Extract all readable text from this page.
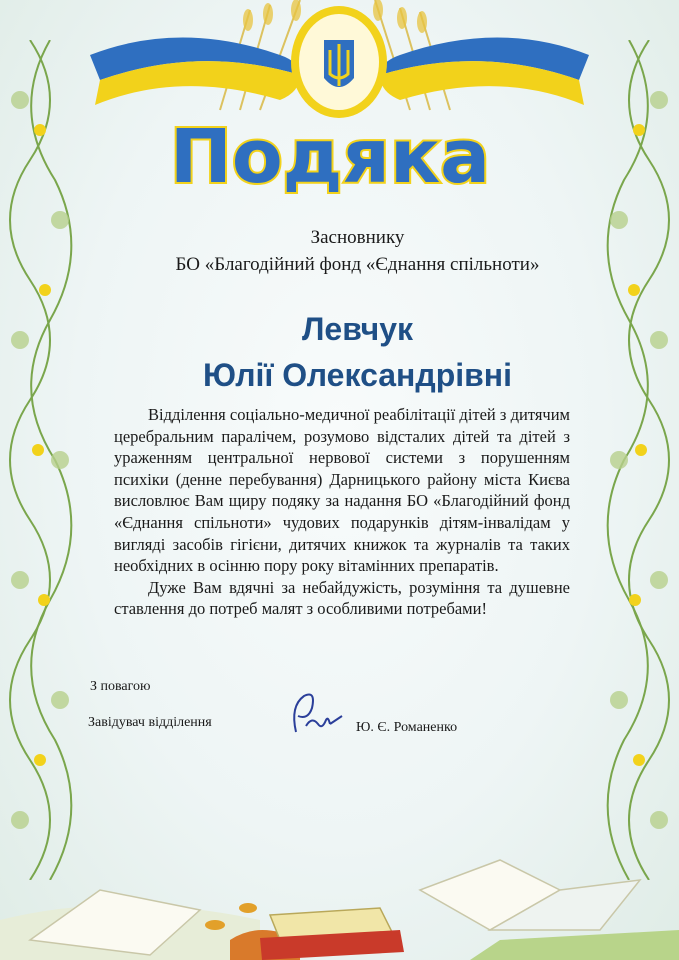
Подяка
Засновнику
БО «Благодійний фонд «Єднання спільноти»
Левчук
Юлії Олександрівні

Відділення соціально-медичної реабілітації дітей з дитячим церебральним паралічем, розумово відсталих дітей та дітей з ураженням центральної нервової системи з порушенням психіки (денне перебування) Дарницького району міста Києва висловлює Вам щиру подяку за надання БО «Благодійний фонд «Єднання спільноти» чудових подарунків дітям-інвалідам у вигляді засобів гігієни, дитячих книжок та журналів та таких необхідних в осінню пору року вітамінних препаратів.

Дуже Вам вдячні за небайдужість, розуміння та душевне ставлення до потреб малят з особливими потребами!

З повагою
Завідувач відділення	Ю. Є. Романенко
